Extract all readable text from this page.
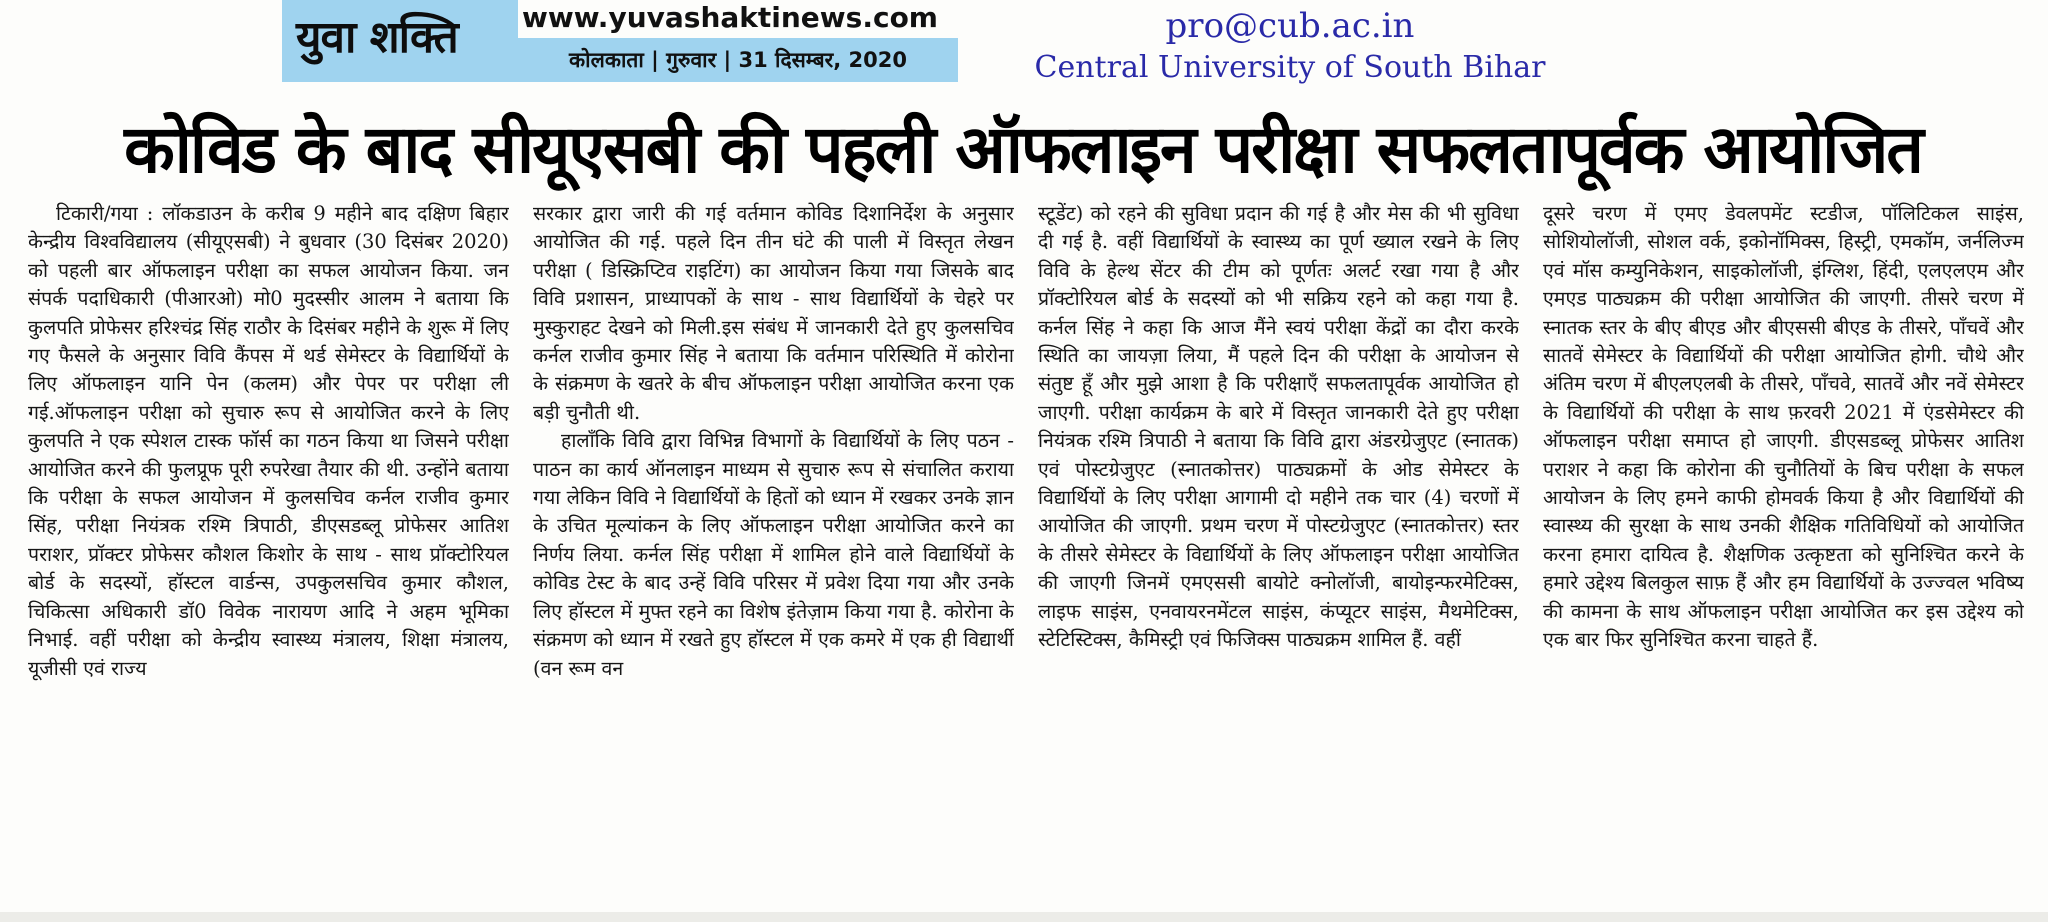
युवा शक्ति www.yuvashaktinews.com
कोलकाता | गुरुवार | 31 दिसम्बर, 2020
pro@cub.ac.in
Central University of South Bihar
कोविड के बाद सीयूएसबी की पहली ऑफलाइन परीक्षा सफलतापूर्वक आयोजित

टिकारी/गया : लॉकडाउन के करीब 9 महीने बाद दक्षिण बिहार केन्द्रीय विश्वविद्यालय (सीयूएसबी) ने बुधवार (30 दिसंबर 2020) को पहली बार ऑफलाइन परीक्षा का सफल आयोजन किया. जन संपर्क पदाधिकारी (पीआरओ) मो0 मुदस्सीर आलम ने बताया कि कुलपति प्रोफेसर हरिश्चंद्र सिंह राठौर के दिसंबर महीने के शुरू में लिए गए फैसले के अनुसार विवि कैंपस में थर्ड सेमेस्टर के विद्यार्थियों के लिए ऑफलाइन यानि पेन (कलम) और पेपर पर परीक्षा ली गई.ऑफलाइन परीक्षा को सुचारु रूप से आयोजित करने के लिए कुलपति ने एक स्पेशल टास्क फॉर्स का गठन किया था जिसने परीक्षा आयोजित करने की फुलप्रूफ पूरी रुपरेखा तैयार की थी. उन्होंने बताया कि परीक्षा के सफल आयोजन में कुलसचिव कर्नल राजीव कुमार सिंह, परीक्षा नियंत्रक रश्मि त्रिपाठी, डीएसडब्लू प्रोफेसर आतिश पराशर, प्रॉक्टर प्रोफेसर कौशल किशोर के साथ - साथ प्रॉक्टोरियल बोर्ड के सदस्यों, हॉस्टल वार्डन्स, उपकुलसचिव कुमार कौशल, चिकित्सा अधिकारी डॉ0 विवेक नारायण आदि ने अहम भूमिका निभाई. वहीं परीक्षा को केन्द्रीय स्वास्थ्य मंत्रालय, शिक्षा मंत्रालय, यूजीसी एवं राज्य

सरकार द्वारा जारी की गई वर्तमान कोविड दिशानिर्देश के अनुसार आयोजित की गई. पहले दिन तीन घंटे की पाली में विस्तृत लेखन परीक्षा ( डिस्क्रिप्टिव राइटिंग) का आयोजन किया गया जिसके बाद विवि प्रशासन, प्राध्यापकों के साथ - साथ विद्यार्थियों के चेहरे पर मुस्कुराहट देखने को मिली.इस संबंध में जानकारी देते हुए कुलसचिव कर्नल राजीव कुमार सिंह ने बताया कि वर्तमान परिस्थिति में कोरोना के संक्रमण के खतरे के बीच ऑफलाइन परीक्षा आयोजित करना एक बड़ी चुनौती थी.

हालाँकि विवि द्वारा विभिन्न विभागों के विद्यार्थियों के लिए पठन - पाठन का कार्य ऑनलाइन माध्यम से सुचारु रूप से संचालित कराया गया लेकिन विवि ने विद्यार्थियों के हितों को ध्यान में रखकर उनके ज्ञान के उचित मूल्यांकन के लिए ऑफलाइन परीक्षा आयोजित करने का निर्णय लिया. कर्नल सिंह परीक्षा में शामिल होने वाले विद्यार्थियों के कोविड टेस्ट के बाद उन्हें विवि परिसर में प्रवेश दिया गया और उनके लिए हॉस्टल में मुफ्त रहने का विशेष इंतेज़ाम किया गया है. कोरोना के संक्रमण को ध्यान में रखते हुए हॉस्टल में एक कमरे में एक ही विद्यार्थी (वन रूम वन

स्टूडेंट) को रहने की सुविधा प्रदान की गई है और मेस की भी सुविधा दी गई है. वहीं विद्यार्थियों के स्वास्थ्य का पूर्ण ख्याल रखने के लिए विवि के हेल्थ सेंटर की टीम को पूर्णतः अलर्ट रखा गया है और प्रॉक्टोरियल बोर्ड के सदस्यों को भी सक्रिय रहने को कहा गया है. कर्नल सिंह ने कहा कि आज मैंने स्वयं परीक्षा केंद्रों का दौरा करके स्थिति का जायज़ा लिया, मैं पहले दिन की परीक्षा के आयोजन से संतुष्ट हूँ और मुझे आशा है कि परीक्षाएँ सफलतापूर्वक आयोजित हो जाएगी. परीक्षा कार्यक्रम के बारे में विस्तृत जानकारी देते हुए परीक्षा नियंत्रक रश्मि त्रिपाठी ने बताया कि विवि द्वारा अंडरग्रेजुएट (स्नातक) एवं पोस्टग्रेजुएट (स्नातकोत्तर) पाठ्यक्रमों के ओड सेमेस्टर के विद्यार्थियों के लिए परीक्षा आगामी दो महीने तक चार (4) चरणों में आयोजित की जाएगी. प्रथम चरण में पोस्टग्रेजुएट (स्नातकोत्तर) स्तर के तीसरे सेमेस्टर के विद्यार्थियों के लिए ऑफलाइन परीक्षा आयोजित की जाएगी जिनमें एमएससी बायोटे क्नोलॉजी, बायोइन्फरमेटिक्स, लाइफ साइंस, एनवायरनमेंटल साइंस, कंप्यूटर साइंस, मैथमेटिक्स, स्टेटिस्टिक्स, कैमिस्ट्री एवं फिजिक्स पाठ्यक्रम शामिल हैं. वहीं

दूसरे चरण में एमए डेवलपमेंट स्टडीज, पॉलिटिकल साइंस, सोशियोलॉजी, सोशल वर्क, इकोनॉमिक्स, हिस्ट्री, एमकॉम, जर्नलिज्म एवं मॉस कम्युनिकेशन, साइकोलॉजी, इंग्लिश, हिंदी, एलएलएम और एमएड पाठ्यक्रम की परीक्षा आयोजित की जाएगी. तीसरे चरण में स्नातक स्तर के बीए बीएड और बीएससी बीएड के तीसरे, पाँचवें और सातवें सेमेस्टर के विद्यार्थियों की परीक्षा आयोजित होगी. चौथे और अंतिम चरण में बीएलएलबी के तीसरे, पाँचवे, सातवें और नवें सेमेस्टर के विद्यार्थियों की परीक्षा के साथ फ़रवरी 2021 में एंडसेमेस्टर की ऑफलाइन परीक्षा समाप्त हो जाएगी. डीएसडब्लू प्रोफेसर आतिश पराशर ने कहा कि कोरोना की चुनौतियों के बिच परीक्षा के सफल आयोजन के लिए हमने काफी होमवर्क किया है और विद्यार्थियों की स्वास्थ्य की सुरक्षा के साथ उनकी शैक्षिक गतिविधियों को आयोजित करना हमारा दायित्व है. शैक्षणिक उत्कृष्टता को सुनिश्चित करने के हमारे उद्देश्य बिलकुल साफ़ हैं और हम विद्यार्थियों के उज्ज्वल भविष्य की कामना के साथ ऑफलाइन परीक्षा आयोजित कर इस उद्देश्य को एक बार फिर सुनिश्चित करना चाहते हैं.
